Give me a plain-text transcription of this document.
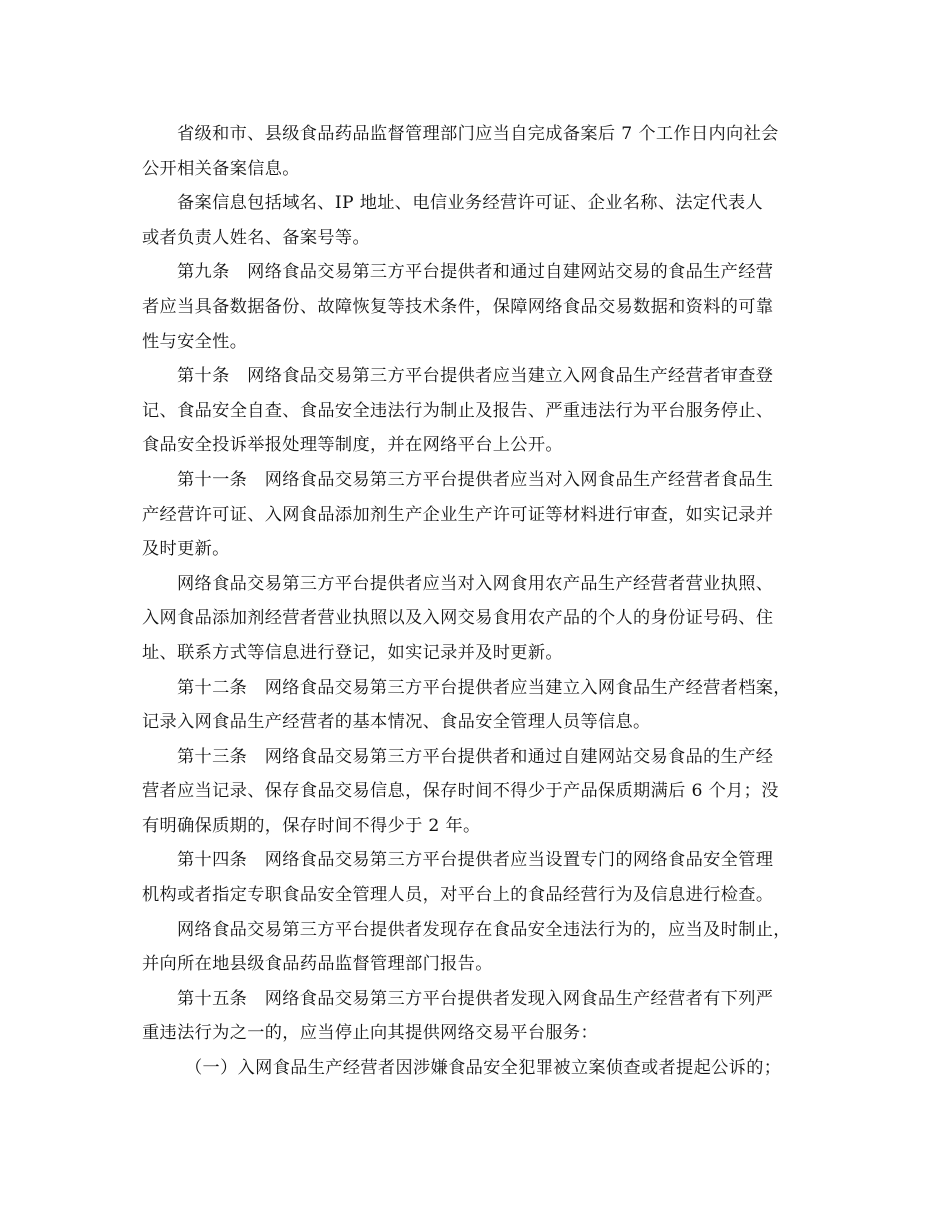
省级和市、县级食品药品监督管理部门应当自完成备案后 7 个工作日内向社会
公开相关备案信息。
备案信息包括域名、IP 地址、电信业务经营许可证、企业名称、法定代表人
或者负责人姓名、备案号等。
第九条　网络食品交易第三方平台提供者和通过自建网站交易的食品生产经营
者应当具备数据备份、故障恢复等技术条件，保障网络食品交易数据和资料的可靠
性与安全性。
第十条　网络食品交易第三方平台提供者应当建立入网食品生产经营者审查登
记、食品安全自查、食品安全违法行为制止及报告、严重违法行为平台服务停止、
食品安全投诉举报处理等制度，并在网络平台上公开。
第十一条　网络食品交易第三方平台提供者应当对入网食品生产经营者食品生
产经营许可证、入网食品添加剂生产企业生产许可证等材料进行审查，如实记录并
及时更新。
网络食品交易第三方平台提供者应当对入网食用农产品生产经营者营业执照、
入网食品添加剂经营者营业执照以及入网交易食用农产品的个人的身份证号码、住
址、联系方式等信息进行登记，如实记录并及时更新。
第十二条　网络食品交易第三方平台提供者应当建立入网食品生产经营者档案，
记录入网食品生产经营者的基本情况、食品安全管理人员等信息。
第十三条　网络食品交易第三方平台提供者和通过自建网站交易食品的生产经
营者应当记录、保存食品交易信息，保存时间不得少于产品保质期满后 6 个月；没
有明确保质期的，保存时间不得少于 2 年。
第十四条　网络食品交易第三方平台提供者应当设置专门的网络食品安全管理
机构或者指定专职食品安全管理人员，对平台上的食品经营行为及信息进行检查。
网络食品交易第三方平台提供者发现存在食品安全违法行为的，应当及时制止，
并向所在地县级食品药品监督管理部门报告。
第十五条　网络食品交易第三方平台提供者发现入网食品生产经营者有下列严
重违法行为之一的，应当停止向其提供网络交易平台服务：
（一）入网食品生产经营者因涉嫌食品安全犯罪被立案侦查或者提起公诉的；
